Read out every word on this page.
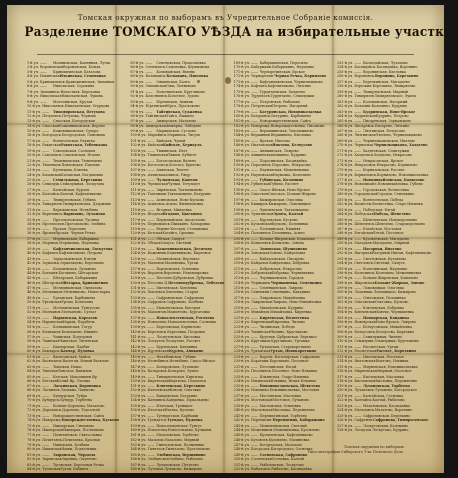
Томская окружная по выборамъ въ Учредительное Собраніе комиссія.
Разделение ТОМСКАГО УѢЗДА на избирательные участки.
1-й уч. ——	Малиновская, Каменная, Лучш.
2-й уч. Вороновская Вороновская, Больш.
3-й уч. ——	Кривошеинская, Баталова
4-й уч. Ильинская Ильинская, Семеновка
5-й уч. Кривошеинск. Кривошеинская, Зимовная
6-й уч. ——	Никольская, Сорокина
7-й уч. Зимовинск. Волостная, Березовка
8-й уч. Никольская Николаевская, Лукина
9-й уч. ——	Могочинская, Крутая
10-й уч. Николаевск. Николаевская, Огурцова
11-й уч. ——	Тихомировская, Петухова
12-й уч. Петуховск. Петухова, Чернова
13-й уч. ——	Спасская, Богородская
14-й уч. Спасская Кожевниковская, Вороно
15-й уч. ——	Кожевниковская, Сухоре.
16-й уч. Богородск. Богородская, Ломовица
17-й уч. ——	Вознесенская, Ракитка
18-й уч. Ракитская Ракитская, Тебенькова
19-й уч. ——	Соколовская, Сосновая
20-й уч. Соколовск. Соколовская, Исаева
21-й уч. ——	Тюменцевская, Тюменцева
22-й уч. Тюменцев. Павловская, Павлова
23-й уч. ——	Кузнецова, Клюева
24-й уч. Казанская Казанская, Богдановка
25-й уч. ——	Семилужная, Березкина
26-й уч. Семилуж. Семилужная, Лоскутова
27-й уч. ——	Калтайская, Курлек
28-й уч. Калтайск. Калтай, Кафтанчикова
29-й уч. ——	Тимирязевская, Губина
30-й уч. Тимирязев. Тимирязевская, Дзержина
31-й уч. ——	Варюхинская, Нелюбина
32-й уч. Варюхинск. Варюхино, Лучаново
33-й уч. ——	Протопоповская, Туганка
34-й уч. Протопопов. Протопопово, Злобина
35-й уч. ——	Ярская, Поросино
36-й уч. Ярская Ярская, Черная Речка
37-й уч. ——	Моряковская, Бабаркина
38-й уч. Моряков. Моряковка, Наумовка
39-й уч. ——	Кафтанчиковская, Лоскутова
40-й уч. Кафтанч. Кафтанчиково, Петрова
41-й уч. ——	Зоркальцевская, Ключи
42-й уч. Зоркальц. Зоркальцево, Березкино
43-й уч. ——	Богашевская, Лучаново
44-й уч. Богашев. Богашево, Шегарская
45-й уч. ——	Шегарская, Бабарыкина
46-й уч. Шегарская Шегарка, Кривошеина
47-й уч. ——	Мельниковская, Гынгазова
48-й уч. Мельников. Мельниково, Монастырка
49-й уч. ——	Уртамская, Карбышева
50-й уч. Уртамская Уртам, Козюлина
51-й уч. ——	Молчановская, Тунгусова
52-й уч. Молчанов. Молчаново, Сулзат
53-й уч. ——	Нарымская, Каргасок
54-й уч. Нарымская Нарым, Парабель
55-й уч. ——	Колпашевская, Тогур
56-й уч. Колпашев. Колпашево, Инкино
57-й уч. ——	Чаинская, Подгорная
58-й уч. Чаинская Чаинское, Тигинская
59-й уч. ——	Бакчарская, Парбиг
60-й уч. Бакчарск. Бакчар, Пудовка
61-й уч. ——	Васюганская, Майск
62-й уч. Васюганск. Васюган, Новый Васюган
63-й уч. ——	Тымская, Напас
64-й уч. Тымская Тымское, Ванжиль
65-й уч. ——	Кетская, Максимкин Яр
66-й уч. Кетская Белый Яр, Лисица
67-й уч. ——	Ласкинская, Вороновка
68-й уч. Ласкинск. Ласкино, Пашково
69-й уч. ——	Бундурская, Туйда
70-й уч. Бундурск. Бундур, Торбеева
71-й уч. ——	Больше-Дорохово, Мазалово
72-й уч. Дороховск. Дорохово, Терсалгай
73-й уч. ——	Новорождественская, Сайга
74-й уч. Новорожд. Новорождественка, Кусково
75-й уч. ——	Ижморская, Симоново
76-й уч. Ижморская Ижморка, Постниково
77-й уч. ——	Почитанская, Святославка
78-й уч. Почитанск. Почитанка, Красная
79-й уч. ——	Ишимская, Колбиха
80-й уч. Ишимская Ишим, Подъельник
81-й уч. ——	Зырянская, Чердаты
82-й уч. Зырянская Зырянка, Окунеево
83-й уч. ——	Туганская, Березовая Речка
84-й уч. Туганская Туган, Бабинск
85-й уч. ——	Семеновская, Прокопьевка
86-й уч. Семеновск. Семеновка, Шушпанова
87-й уч. ——	Колыванская, Вьюны
88-й уч. Колыванск. Колывань, Пихтовка
89-й уч. ——	Ояшинская, Балта
90-й уч. Ояшинская Ояш, Литвиново
91-й уч. ——	Болотнинская, Кругликово
92-й уч. Болотнинск. Болотное, Зудово
93-й уч. ——	Юргинская, Зимник
94-й уч. Юргинская Юрга, Проскоково
95-й уч. ——	Тайгинская, Судженка
96-й уч. Тайгинская Тайга, Яшкино
97-й уч. ——	Анжерская, Мазалово
98-й уч. Анжерская Анжерка, Лебедево
99-й уч. ——	Мариинская, Суслово
100-й уч. Марийнск. Мариинск, Тисуль
101-й уч. —— Кийская, Чумай
102-й уч. Кийская Кийское, Берикуль
103-й уч. —— Тяжинская, Итат
104-й уч. Тяжинская Тяжин, Кубитет
105-й уч. —— Боготольская, Вагино
106-й уч. Боготольск. Боготол, Критово
107-й уч. —— Ачинская, Тюхтет
108-й уч. Ачинская Ачинск, Ужур
109-й уч. —— Чулымская, Каштан
110-й уч. Чулымская Чулым, Тегульдет
111-й уч. —— Зырянская, Тахтамышева
112-й уч. Тахтамыш. Тахтамышево, Батурино
113-й уч. —— Асиновская, Ново-Кусково
114-й уч. Асиновск. Асино, Филимоновка
115-й уч. —— Ягодная, Минаевка
116-й уч. Ягодная Ягодное, Цыганово
117-й уч. —— Первомайская, Апсагачево
118-й уч. Первомайск. Пышкино, Комаровка
119-й уч. —— Верхне-Кетская, Степановка
120-й уч. Кетская Катайга, Орловка
121-й уч. —— Обская, Самусь
122-й уч. Обская Самусь, Светлый
123-й уч. —— Кожевниковская, Десятово
124-й уч. Кожевник. Кожевниково, Киреевск
125-й уч. —— Малиновская, Вертикос
126-й уч. Малинов. Малиновка, Уртам
127-й уч. —— Вороновская, Осиновка
128-й уч. Воронов. Вороново, Новопокровка
129-й уч. —— Песочно-Дубровская, Дубровка
130-й уч. Песочно-Д. Песочнодубровка, Лебедево
131-й уч. —— Хмелевская, Хмелевка
132-й уч. Хмелевск. Хмелевка, Старая
133-й уч. —— Сафроновская, Сафронова
134-й уч. Сафронов. Сафроново, Колбиха
135-й уч. —— Мамонтовская, Быстрая
136-й уч. Мамонтов. Мамонтово, Кургатовка
137-й уч. —— Новоалексеевская, Рогачево
138-й уч. Новоалекс. Новоалексеевка, Сосновка
139-й уч. —— Березовская, Корнилово
140-й уч. Березовск. Березовка, Петровка
141-й уч. —— Лоскутовская, Кисловка
142-й уч. Лоскутов. Лоскутово, Рассвет
143-й уч. —— Курлекская, Кандинка
144-й уч. Курлекская Курлек, Аникино
145-й уч. —— Нелюбинская, Губино
146-й уч. Нелюбинск. Нелюбино, Спасо-Яйское
147-й уч. —— Коларовская, Лучаново
148-й уч. Коларовск. Коларово, Эушта
149-й уч. —— Тимирязевская, Киргизка
150-й уч. Киргизская Киргизка, Подломск
151-й уч. —— Ключевская, Березкино
152-й уч. Ключевская Ключи, Ольговка
153-й уч. —— Кандинская, Батурино
154-й уч. Кандинск. Кандинка, Зоркальцево
155-й уч. —— Итатская, Троицкое
156-й уч. Итатская Итатка, Кусково
157-й уч. —— Туендатская, Карбыши
158-й уч. Туендатск. Туендат, Пудовка
159-й уч. —— Новосельцевская, Тунгус
160-й уч. Новосельц. Новосельцево, Кулманы
161-й уч. —— Мазаловская, Торбеево
162-й уч. Мазалов. Мазалово, Мирный
163-й уч. —— Гынгазовская, Полынянка
164-й уч. Гынгазов. Гынгазово, Протопопово
165-й уч. —— Злобинская, Вершинино
166-й уч. Злобинская Злобино, Рыбалово
167-й уч. —— Лучановская, Петухово
168-й уч. Лучанов. Лучаново, Кижирово
169-й уч. —— Бабарыкинская, Поросино
170-й уч. Бабарыкин. Бабарыкино, Наумовка
171-й уч. —— Черноречинская, Ярское
172-й уч. Черноречин. Черная Речка, Корнилово
173-й уч. —— Кафтанчиковская, Чернильщиково
174-й уч. Кафтанч. Кафтанчиково, Лязгино
175-й уч. —— Турунтаевская, Халдеево
176-й уч. Турунтаев. Турунтаево, Семилужки
177-й уч. —— Петровская, Рыбалово
178-й уч. Петровская Петрово, Нагорный
179-й уч. —— Батуринская, Новониколаевка
180-й уч. Батуринск. Батурино, Карбышево
181-й уч. —— Новорождественская, Сайга
182-й уч. Новорожд. Новорождественка, Писаново
183-й уч. —— Вершининская, Тахтамышево
184-й уч. Вершинин. Вершинино, Кисловка
185-й уч. —— Ярская, Ипатово
186-й уч. Ипатовская Ипатово, Белоусово
187-й уч. —— Аникинская, Лаврово
188-й уч. Аникинская Аникино, Кудрино
189-й уч. —— Поросинская, Басандайка
190-й уч. Поросинск. Поросино, Некрасово
191-й уч. —— Наумовская, Межениновка
192-й уч. Наумовская Наумовка, Козюлино
193-й уч. —— Губинская, Коломино
194-й уч. Губинская Губино, Рассвет
195-й уч. —— Спасо-Яйская, Ново-Ярское
196-й уч. Спасская Спасское, Больше-Жирово
197-й уч. —— Кижировская, Ольговка
198-й уч. Кижиров. Кижирово, Ломовицкое
199-й уч. —— Эуштинская, Тахтамышево
200-й уч. Эуштинская Эушта, Калтай
201-й уч. —— Курлекская, Кусково
202-й уч. Кусковская Кусково, Половинка
203-й уч. —— Половинская, Нижняя
204-й уч. Половинск. Половинка, Асино
205-й уч. —— Больше-Жировская, Копылово
206-й уч. Копыловск. Копылово, Зонова
207-й уч. —— Зоновская, Шушпаново
208-й уч. Зоновская Зоново, Кайдаловка
209-й уч. —— Кайдаловская, Писарево
210-й уч. Кайдалов. Кайдаловка, Бобровка
211-й уч. —— Бобровская, Некрасово
212-й уч. Бобровская Бобровка, Чернышевка
213-й уч. —— Чернышевская, Городок
214-й уч. Чернышев. Чернышевка, Семенкино
215-й уч. —— Семенкинская, Лаврово
216-й уч. Семенкин. Семенкино, Кандинка
217-й уч. —— Лавровская, Михайловка
218-й уч. Лавровская Лаврово, Ново-Михайловка
219-й уч. —— Михайловская, Кудрино
220-й уч. Михайлов. Михайловка, Киреевка
221-й уч. —— Киреевская, Вознесенка
222-й уч. Киреевская Киреевка, Чилино
223-й уч. —— Чилинская, Победа
224-й уч. Чилинская Чилино, Кругликово
225-й уч. —— Круглик.-Дубровская, Вертикос
226-й уч. Кругликов. Кругликово, Уртамка
227-й уч. —— Уртамская, Старокороткино
228-й уч. Уртамская Уртам, Новокороткино
229-й уч. —— Коротк.-Богатырская, Сафроново
230-й уч. Короткин. Короткино, Песочное
231-й уч. —— Песочинская, Елгай
232-й уч. Песочинск. Песочное, Ново-Ильинка
233-й уч. —— Ильинская, Старо-Ильинка
234-й уч. Ильинская Ильинка, Новая Ильинка
235-й уч. —— Новониколаевская, Шевелево
236-й уч. Новонико. Новониколаевка, Мостовая
237-й уч. —— Мостовская, Масловка
238-й уч. Мостовская Мостовое, Лучаново
239-й уч. —— Масловская, Осиновка
240-й уч. Масловская Масловка, Перемитино
241-й уч. —— Перемитинская, Торбеево
242-й уч. Перемитин. Перемитино, Бабарыкино
243-й уч. —— Межениновская, Светлый
244-й уч. Меженинов. Межениновка, Кузовлево
245-й уч. —— Кузовлевская, Кафтанчиково
246-й уч. Кузовлев. Кузовлево, Малиновка
247-й уч. —— Богородская, Мазалово
248-й уч. Богородск. Богородское, Сосновка
249-й уч. —— Сосновская, Сафроново
250-й уч. Сосновская Сосновка, Калтай
251-й уч. —— Рыбаловская, Лоскутово
252-й уч. Рыбаловск. Рыбалово, Басандайка
253-й уч. —— Басандайская, Лучаново
254-й уч. Басандайск. Басандайка, Воронино
255-й уч. —— Воронинская, Кисловка
256-й уч. Воронинск. Воронино, Березкино
257-й уч. —— Березкинская, Магадаево
258-й уч. Березкин. Березкино, Тимирязево
259-й уч. —— Тимирязевская, Мирный
260-й уч. Тимирязев. Тимирязевское, Эушта
261-й уч. —— Коломинская, Нагорный
262-й уч. Коломин. Коломино, Кудрино
263-й уч. —— Кудринская, Ново-Ярское
264-й уч. Кудринская Кудрино, Петрово
265-й уч. —— Писаревская, Зоркальцево
266-й уч. Писаревск. Писарево, Лязгино
267-й уч. —— Лязгинская, Белоусово
268-й уч. Лязгинская Лязгино, Чернильщиково
269-й уч. —— Чернильщиковская, Ипатово
270-й уч. Чернильщ. Чернильщиково, Халдеево
271-й уч. —— Халдеевская, Семилужки
272-й уч. Халдеевск. Халдеево, Некрасово
273-й уч. —— Некрасовская, Ярское
274-й уч. Некрасовск. Некрасово, Корнилово
275-й уч. —— Корниловская, Рассвет
276-й уч. Корниловск. Корнилово, Новониколаевка
277-й уч. —— Новомихайловская, Копылово
278-й уч. Новомихайл. Новомихайловка, Губино
279-й уч. —— Городокская, Вознесенка
280-й уч. Городокская Городок, Семенкино
281-й уч. —— Вознесенская, Победа
282-й уч. Вознесен. Вознесенка, Старо-Ильинка
283-й уч. —— Победская, Елгай
284-й уч. Победская Победа, Шевелево
285-й уч. —— Шевелевская, Новокороткино
286-й уч. Шевелевск. Шевелево, Старокороткино
287-й уч. —— Елгайская, Мостовая
288-й уч. Елгайская Елгай, Песочное
289-й уч. —— Кузовлевская, Магадаево
290-й уч. Магадаев. Магадаево, Мирный
291-й уч. —— Нагорная, Ипатово
292-й уч. Нагорная Нагорный Иштан, Кафтанчиково
293-й уч. —— Светловская, Кузовлево
294-й уч. Светловск. Светлый, Самусь
295-й уч. —— Козюлинская, Наумовка
296-й уч. Козюлинск. Козюлино, Межениновка
297-й уч. —— Больше-Жировская, Копылово
298-й уч. Жировская Больше-Жирово, Зоново
299-й уч. —— Ломовицкая, Ольговка
300-й уч. Ломовицк. Ломовицкое, Кижирово
301-й уч. —— Ольговская, Половинка
302-й уч. Ольговская Ольговка, Кусково
303-й уч. —— Ключевская, Бобровка
304-й уч. Ключевская Ключи, Чернышевка
305-й уч. —— Новоярская, Кандинка
306-й уч. Новоярская Ново-Ярское, Лаврово
307-й уч. —— Белоусовская, Михайловка
308-й уч. Белоусовск. Белоусово, Киреевка
309-й уч. —— Семилужная, Чилино
310-й уч. Семилужн. Семилужки, Кругликово
311-й уч. —— Рассветская, Уртам
312-й уч. Рассветская Рассвет, Короткино
313-й уч. —— Ипатовская, Песочное
314-й уч. Ипатовская Ипатово, Ильинка
315-й уч. —— Мирненская, Новониколаевка
316-й уч. Мирненская Мирный, Мостовое
317-й уч. —— Кисловская, Масловка
318-й уч. Кисловская Кисловка, Перемитино
319-й уч. —— Лучановская, Торбеево
320-й уч. Лучановск. Лучаново, Богородское
321-й уч. —— Калтайская, Сосновка
322-й уч. Калтайск. Калтай, Рыбалово
323-й уч. —— Мазаловская, Басандайка
324-й уч. Мазаловск. Мазалово, Воронино
325-й уч. —— Сафроновская, Березкино
326-й уч. Сафронов. Сафроново, Тимирязевское
327-й уч. —— Лоскутовская, Коломино
328-й уч. Лоскутов. Лоскутово, Кудрино
Томская окружная по выборамъ
Типо-литография Сибирского Т-ва Печатного Дела.
